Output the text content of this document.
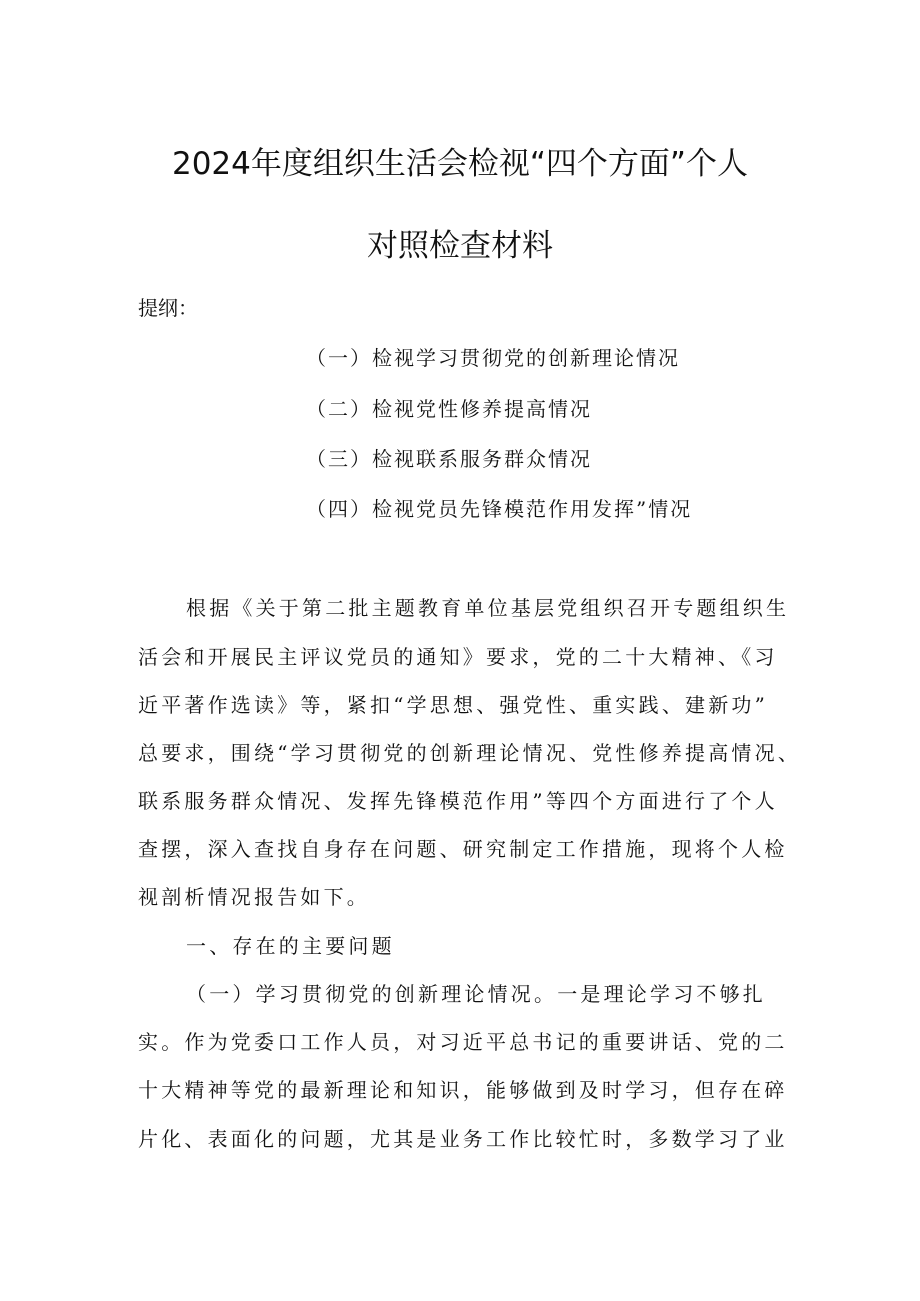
2024年度组织生活会检视“四个方面”个人
对照检查材料
提纲：
（一）检视学习贯彻党的创新理论情况
（二）检视党性修养提高情况
（三）检视联系服务群众情况
（四）检视党员先锋模范作用发挥”情况
根据《关于第二批主题教育单位基层党组织召开专题组织生
活会和开展民主评议党员的通知》要求，党的二十大精神、《习
近平著作选读》等，紧扣“学思想、强党性、重实践、建新功”
总要求，围绕“学习贯彻党的创新理论情况、党性修养提高情况、
联系服务群众情况、发挥先锋模范作用”等四个方面进行了个人
查摆，深入查找自身存在问题、研究制定工作措施，现将个人检
视剖析情况报告如下。
一、存在的主要问题
（一）学习贯彻党的创新理论情况。一是理论学习不够扎
实。作为党委口工作人员，对习近平总书记的重要讲话、党的二
十大精神等党的最新理论和知识，能够做到及时学习，但存在碎
片化、表面化的问题，尤其是业务工作比较忙时，多数学习了业
